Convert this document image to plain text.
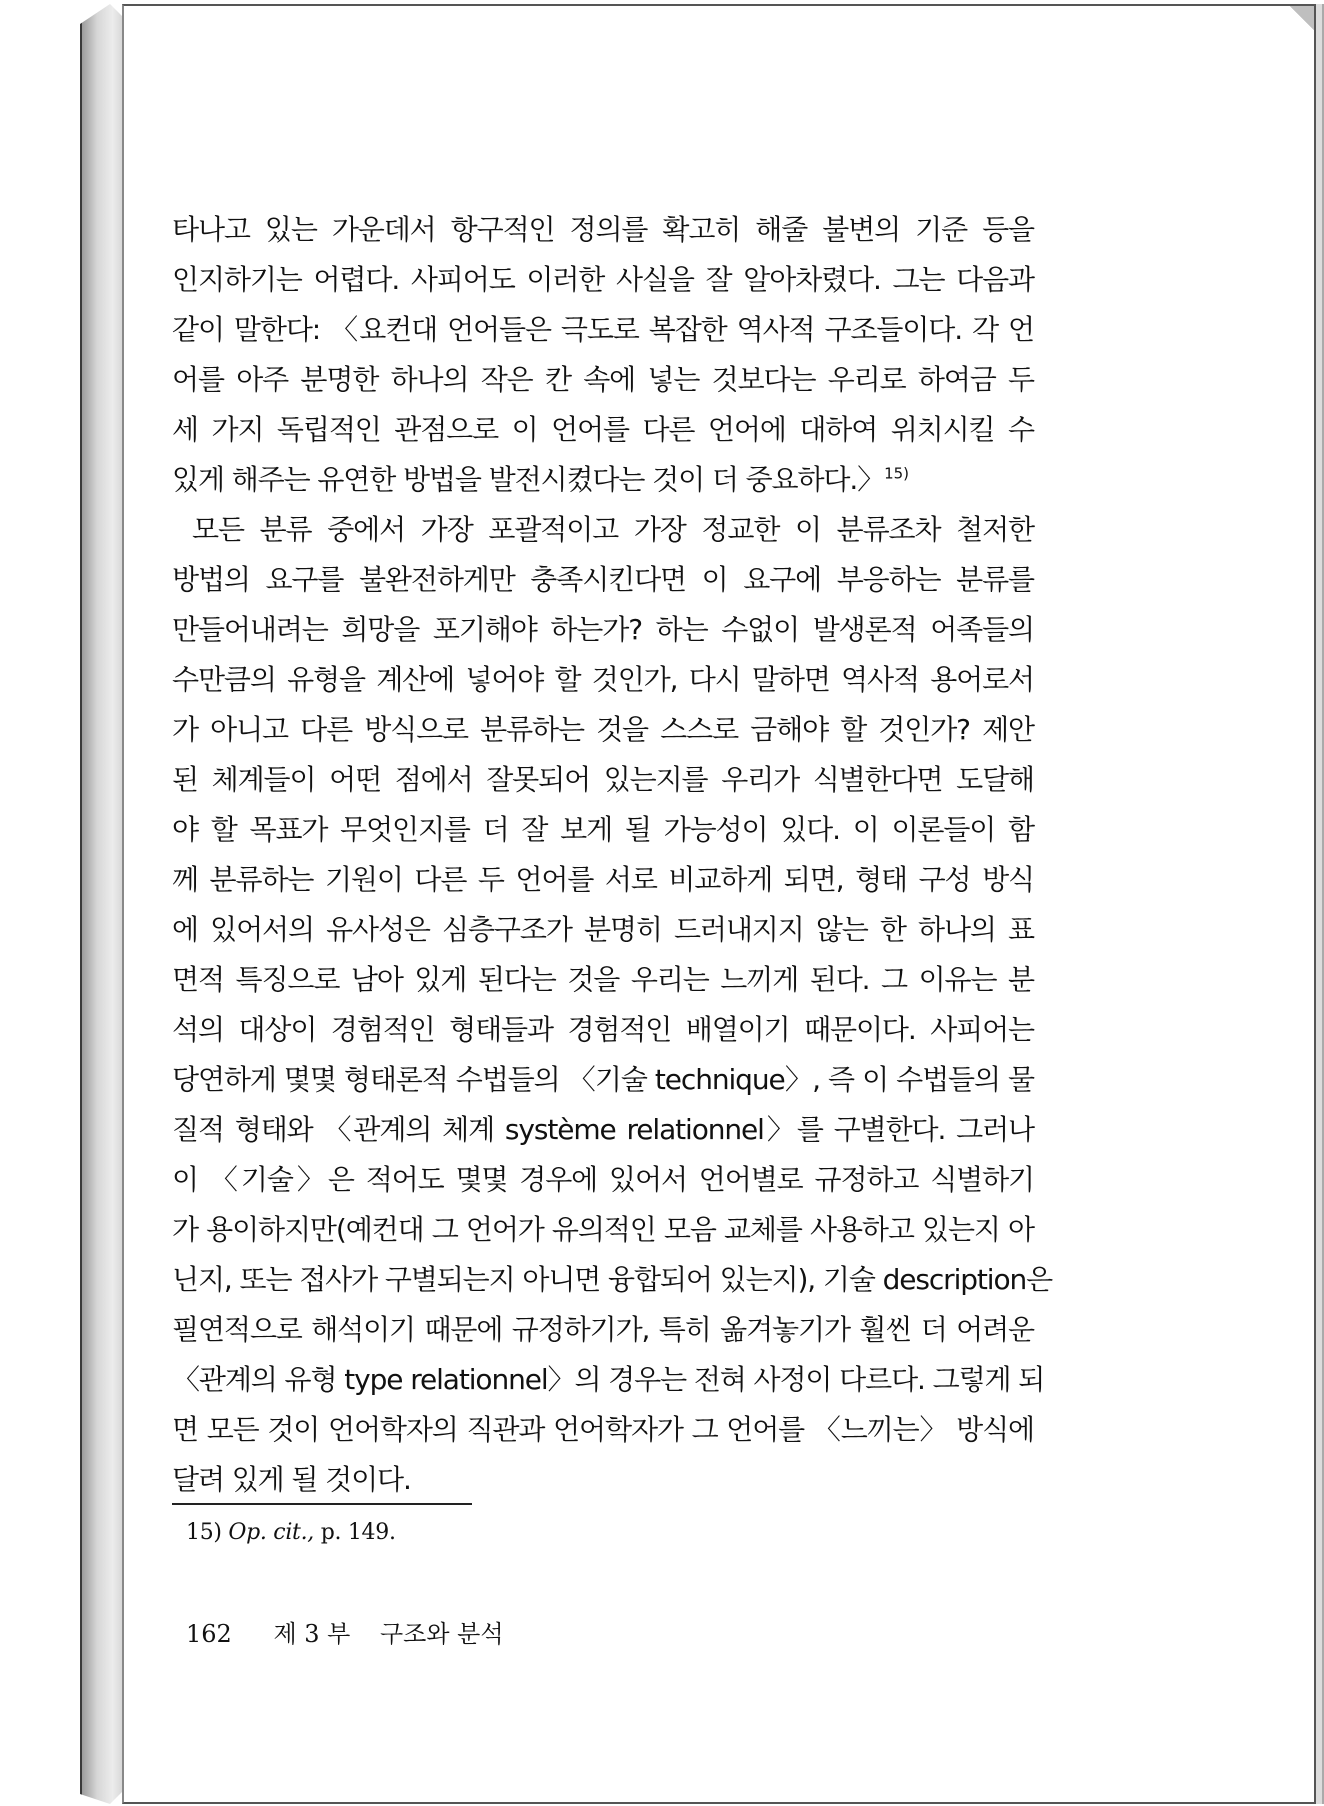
타나고 있는 가운데서 항구적인 정의를 확고히 해줄 불변의 기준 등을
인지하기는 어렵다. 사피어도 이러한 사실을 잘 알아차렸다. 그는 다음과
같이 말한다: 〈요컨대 언어들은 극도로 복잡한 역사적 구조들이다. 각 언
어를 아주 분명한 하나의 작은 칸 속에 넣는 것보다는 우리로 하여금 두
세 가지 독립적인 관점으로 이 언어를 다른 언어에 대하여 위치시킬 수
있게 해주는 유연한 방법을 발전시켰다는 것이 더 중요하다.〉$^{15)}$
모든 분류 중에서 가장 포괄적이고 가장 정교한 이 분류조차 철저한
방법의 요구를 불완전하게만 충족시킨다면 이 요구에 부응하는 분류를
만들어내려는 희망을 포기해야 하는가? 하는 수없이 발생론적 어족들의
수만큼의 유형을 계산에 넣어야 할 것인가, 다시 말하면 역사적 용어로서
가 아니고 다른 방식으로 분류하는 것을 스스로 금해야 할 것인가? 제안
된 체계들이 어떤 점에서 잘못되어 있는지를 우리가 식별한다면 도달해
야 할 목표가 무엇인지를 더 잘 보게 될 가능성이 있다. 이 이론들이 함
께 분류하는 기원이 다른 두 언어를 서로 비교하게 되면, 형태 구성 방식
에 있어서의 유사성은 심층구조가 분명히 드러내지지 않는 한 하나의 표
면적 특징으로 남아 있게 된다는 것을 우리는 느끼게 된다. 그 이유는 분
석의 대상이 경험적인 형태들과 경험적인 배열이기 때문이다. 사피어는
당연하게 몇몇 형태론적 수법들의 〈기술 technique〉, 즉 이 수법들의 물
질적 형태와 〈관계의 체계 système relationnel〉를 구별한다. 그러나
이 〈기술〉은 적어도 몇몇 경우에 있어서 언어별로 규정하고 식별하기
가 용이하지만(예컨대 그 언어가 유의적인 모음 교체를 사용하고 있는지 아
닌지, 또는 접사가 구별되는지 아니면 융합되어 있는지), 기술 description은
필연적으로 해석이기 때문에 규정하기가, 특히 옮겨놓기가 훨씬 더 어려운
〈관계의 유형 type relationnel〉의 경우는 전혀 사정이 다르다. 그렇게 되
면 모든 것이 언어학자의 직관과 언어학자가 그 언어를 〈느끼는〉 방식에
달려 있게 될 것이다.
15) Op. cit., p. 149.
162 제 3 부 구조와 분석
